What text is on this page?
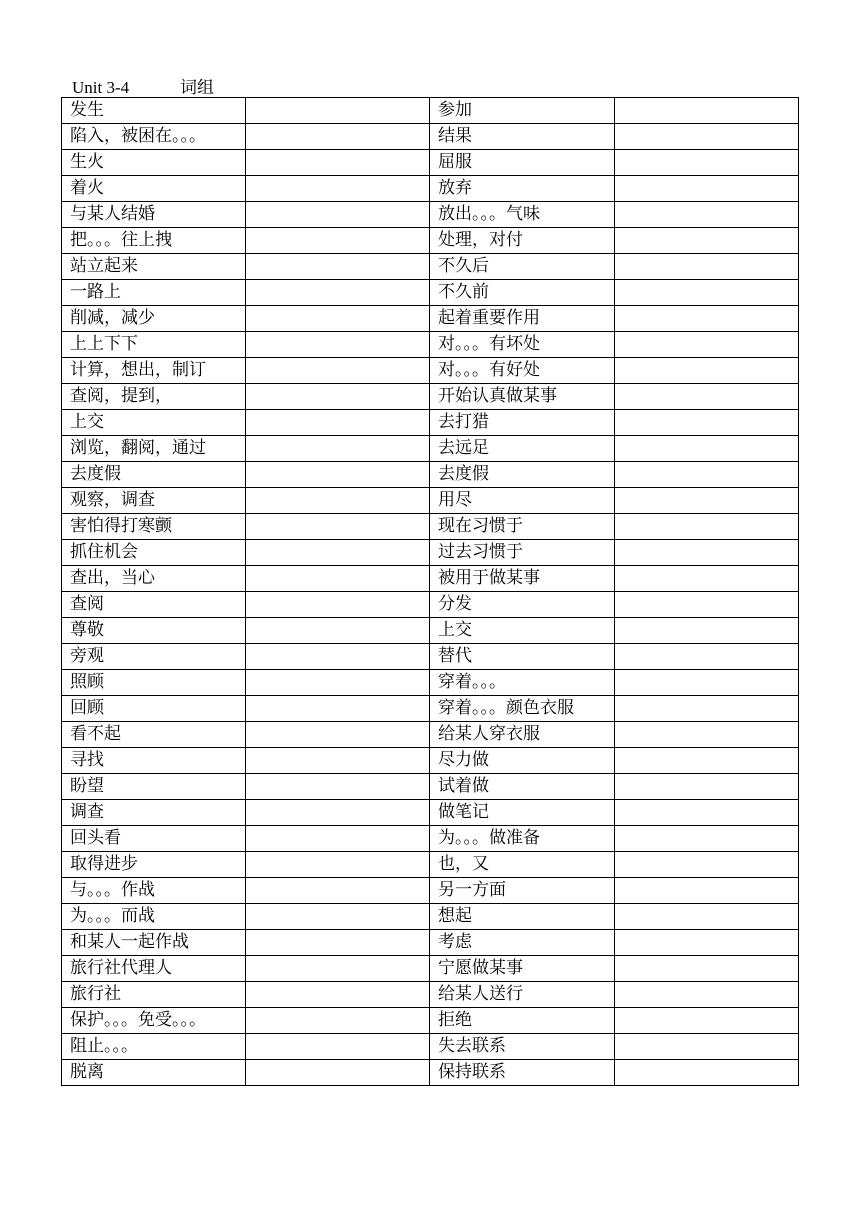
Unit 3-4	词组
发生		参加	
陷入，被困在。。。		结果	
生火		屈服	
着火		放弃	
与某人结婚		放出。。。气味	
把。。。往上拽		处理，对付	
站立起来		不久后	
一路上		不久前	
削减，减少		起着重要作用	
上上下下		对。。。有坏处	
计算，想出，制订		对。。。有好处	
查阅，提到，		开始认真做某事	
上交		去打猎	
浏览，翻阅，通过		去远足	
去度假		去度假	
观察，调查		用尽	
害怕得打寒颤		现在习惯于	
抓住机会		过去习惯于	
查出，当心		被用于做某事	
查阅		分发	
尊敬		上交	
旁观		替代	
照顾		穿着。。。	
回顾		穿着。。。颜色衣服	
看不起		给某人穿衣服	
寻找		尽力做	
盼望		试着做	
调查		做笔记	
回头看		为。。。做准备	
取得进步		也，又	
与。。。作战		另一方面	
为。。。而战		想起	
和某人一起作战		考虑	
旅行社代理人		宁愿做某事	
旅行社		给某人送行	
保护。。。免受。。。		拒绝	
阻止。。。		失去联系	
脱离		保持联系	
